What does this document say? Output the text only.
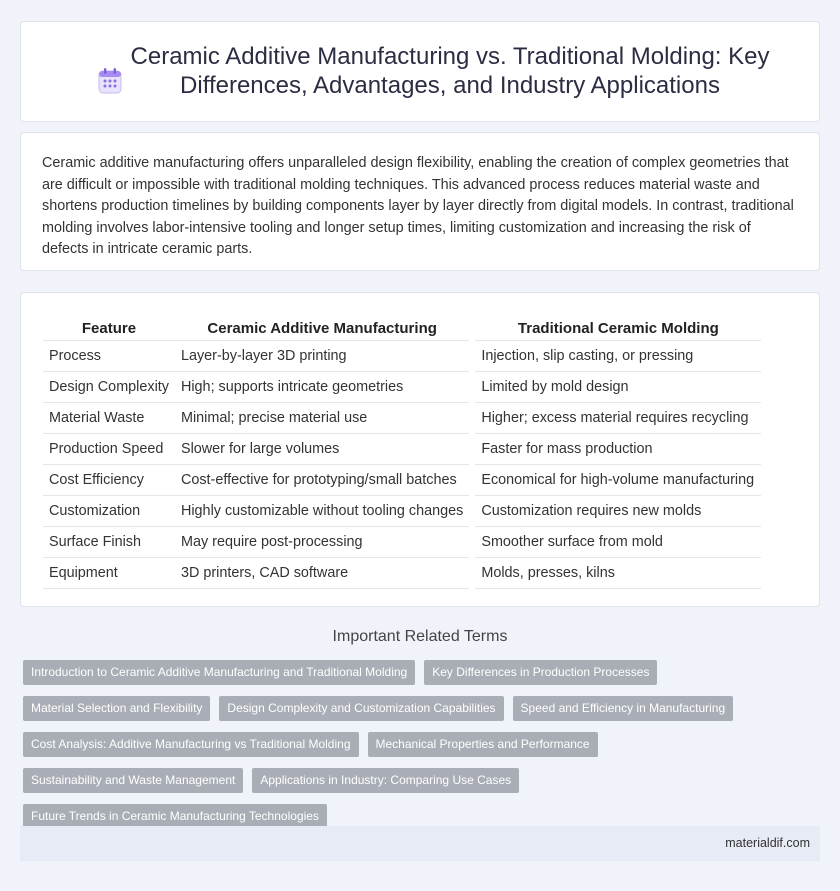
Ceramic Additive Manufacturing vs. Traditional Molding: Key Differences, Advantages, and Industry Applications

Ceramic additive manufacturing offers unparalleled design flexibility, enabling the creation of complex geometries that are difficult or impossible with traditional molding techniques. This advanced process reduces material waste and shortens production timelines by building components layer by layer directly from digital models. In contrast, traditional molding involves labor-intensive tooling and longer setup times, limiting customization and increasing the risk of defects in intricate ceramic parts.

Feature	Ceramic Additive Manufacturing		Traditional Ceramic Molding
Process	Layer-by-layer 3D printing		Injection, slip casting, or pressing
Design Complexity	High; supports intricate geometries		Limited by mold design
Material Waste	Minimal; precise material use		Higher; excess material requires recycling
Production Speed	Slower for large volumes		Faster for mass production
Cost Efficiency	Cost-effective for prototyping/small batches		Economical for high-volume manufacturing
Customization	Highly customizable without tooling changes		Customization requires new molds
Surface Finish	May require post-processing		Smoother surface from mold
Equipment	3D printers, CAD software		Molds, presses, kilns
Important Related Terms
Introduction to Ceramic Additive Manufacturing and Traditional Molding	Key Differences in Production Processes
Material Selection and Flexibility	Design Complexity and Customization Capabilities	Speed and Efficiency in Manufacturing
Cost Analysis: Additive Manufacturing vs Traditional Molding	Mechanical Properties and Performance
Sustainability and Waste Management	Applications in Industry: Comparing Use Cases
Future Trends in Ceramic Manufacturing Technologies
materialdif.com
